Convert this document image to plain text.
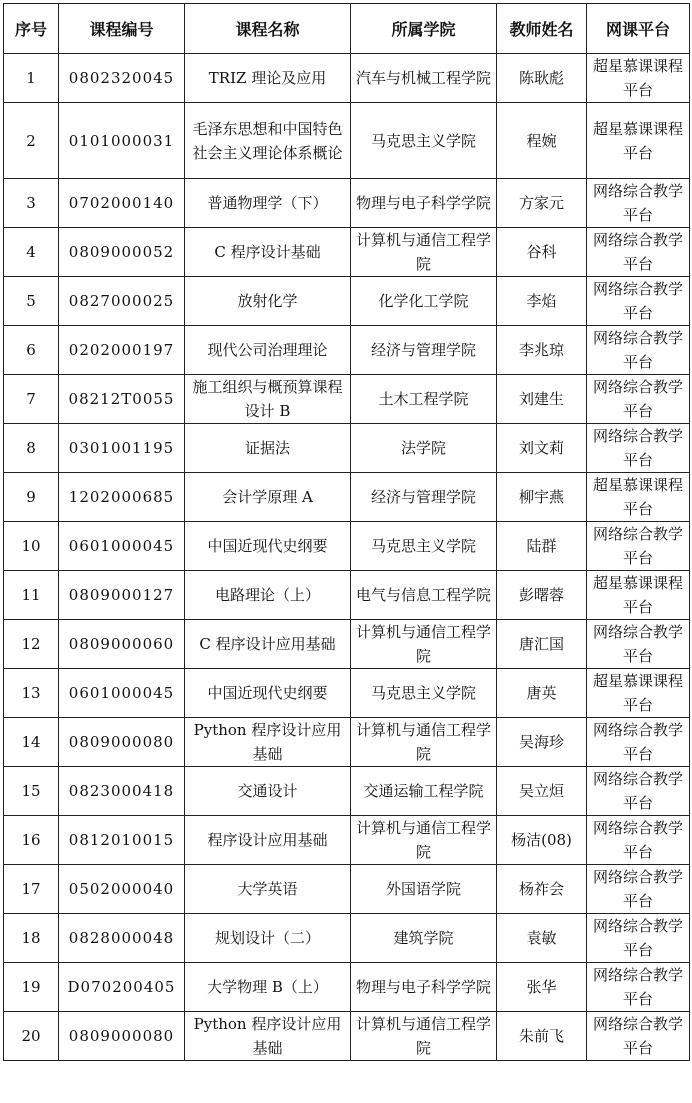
序号	课程编号	课程名称	所属学院	教师姓名	网课平台
1	0802320045	TRIZ 理论及应用	汽车与机械工程学院	陈耿彪	超星慕课课程平台
2	0101000031	毛泽东思想和中国特色社会主义理论体系概论	马克思主义学院	程婉	超星慕课课程平台
3	0702000140	普通物理学（下）	物理与电子科学学院	方家元	网络综合教学平台
4	0809000052	C 程序设计基础	计算机与通信工程学院	谷科	网络综合教学平台
5	0827000025	放射化学	化学化工学院	李焰	网络综合教学平台
6	0202000197	现代公司治理理论	经济与管理学院	李兆琼	网络综合教学平台
7	08212T0055	施工组织与概预算课程设计 B	土木工程学院	刘建生	网络综合教学平台
8	0301001195	证据法	法学院	刘文莉	网络综合教学平台
9	1202000685	会计学原理 A	经济与管理学院	柳宇燕	超星慕课课程平台
10	0601000045	中国近现代史纲要	马克思主义学院	陆群	网络综合教学平台
11	0809000127	电路理论（上）	电气与信息工程学院	彭曙蓉	超星慕课课程平台
12	0809000060	C 程序设计应用基础	计算机与通信工程学院	唐汇国	网络综合教学平台
13	0601000045	中国近现代史纲要	马克思主义学院	唐英	超星慕课课程平台
14	0809000080	Python 程序设计应用基础	计算机与通信工程学院	吴海珍	网络综合教学平台
15	0823000418	交通设计	交通运输工程学院	吴立烜	网络综合教学平台
16	0812010015	程序设计应用基础	计算机与通信工程学院	杨洁(08)	网络综合教学平台
17	0502000040	大学英语	外国语学院	杨祚会	网络综合教学平台
18	0828000048	规划设计（二）	建筑学院	袁敏	网络综合教学平台
19	D070200405	大学物理 B（上）	物理与电子科学学院	张华	网络综合教学平台
20	0809000080	Python 程序设计应用基础	计算机与通信工程学院	朱前飞	网络综合教学平台
